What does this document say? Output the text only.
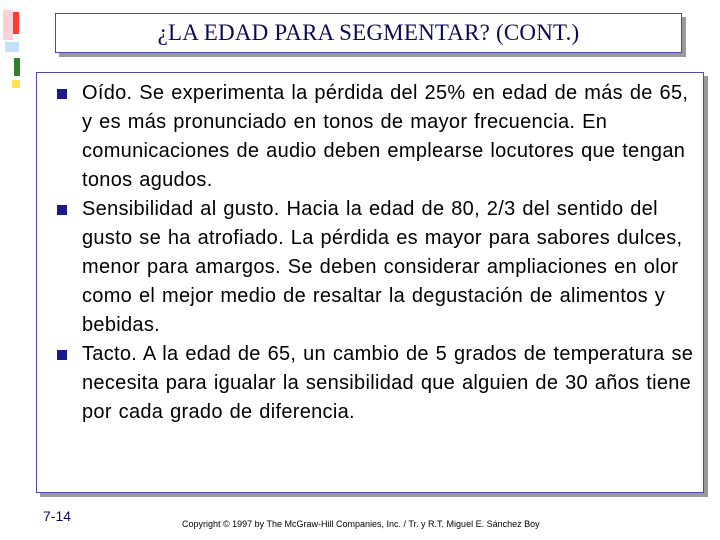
¿LA EDAD PARA SEGMENTAR? (CONT.)
Oído. Se experimenta la pérdida del 25% en edad de más de 65, y es más pronunciado en tonos de mayor frecuencia. En comunicaciones de audio deben emplearse locutores que tengan tonos agudos.
Sensibilidad al gusto. Hacia la edad de 80, 2/3 del sentido del gusto se ha atrofiado. La pérdida es mayor para sabores dulces, menor para amargos. Se deben considerar ampliaciones en olor como el mejor medio de resaltar la degustación de alimentos y bebidas.
Tacto. A la edad de 65, un cambio de 5 grados de temperatura se necesita para igualar la sensibilidad que alguien de 30 años tiene por cada grado de diferencia.
7-14	Copyright © 1997 by The McGraw-Hill Companies, Inc. / Tr. y R.T. Miguel E. Sánchez Boy
